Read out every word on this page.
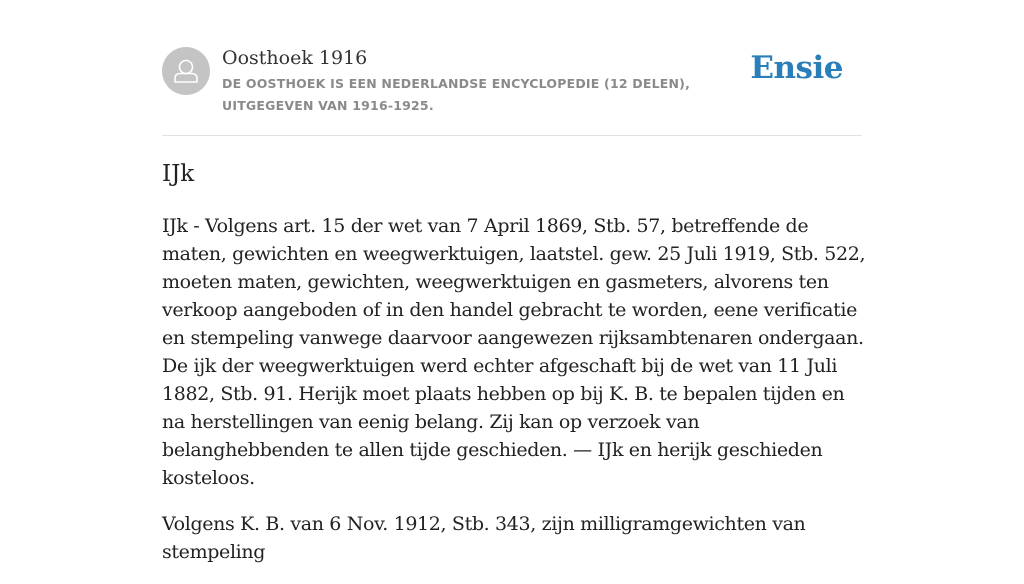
Oosthoek 1916
DE OOSTHOEK IS EEN NEDERLANDSE ENCYCLOPEDIE (12 DELEN), UITGEGEVEN VAN 1916-1925.
Ensie
IJk

IJk - Volgens art. 15 der wet van 7 April 1869, Stb. 57, betreffende de maten, gewichten en weegwerktuigen, laatstel. gew. 25 Juli 1919, Stb. 522, moeten maten, gewichten, weegwerktuigen en gasmeters, alvorens ten verkoop aangeboden of in den handel gebracht te worden, eene verificatie en stempeling vanwege daarvoor aangewezen rijksambtenaren ondergaan. De ijk der weegwerktuigen werd echter afgeschaft bij de wet van 11 Juli 1882, Stb. 91. Herijk moet plaats hebben op bij K. B. te bepalen tijden en na herstellingen van eenig belang. Zij kan op verzoek van belanghebbenden te allen tijde geschieden. — IJk en herijk geschieden kosteloos.

Volgens K. B. van 6 Nov. 1912, Stb. 343, zijn milligramgewichten van stempeling
